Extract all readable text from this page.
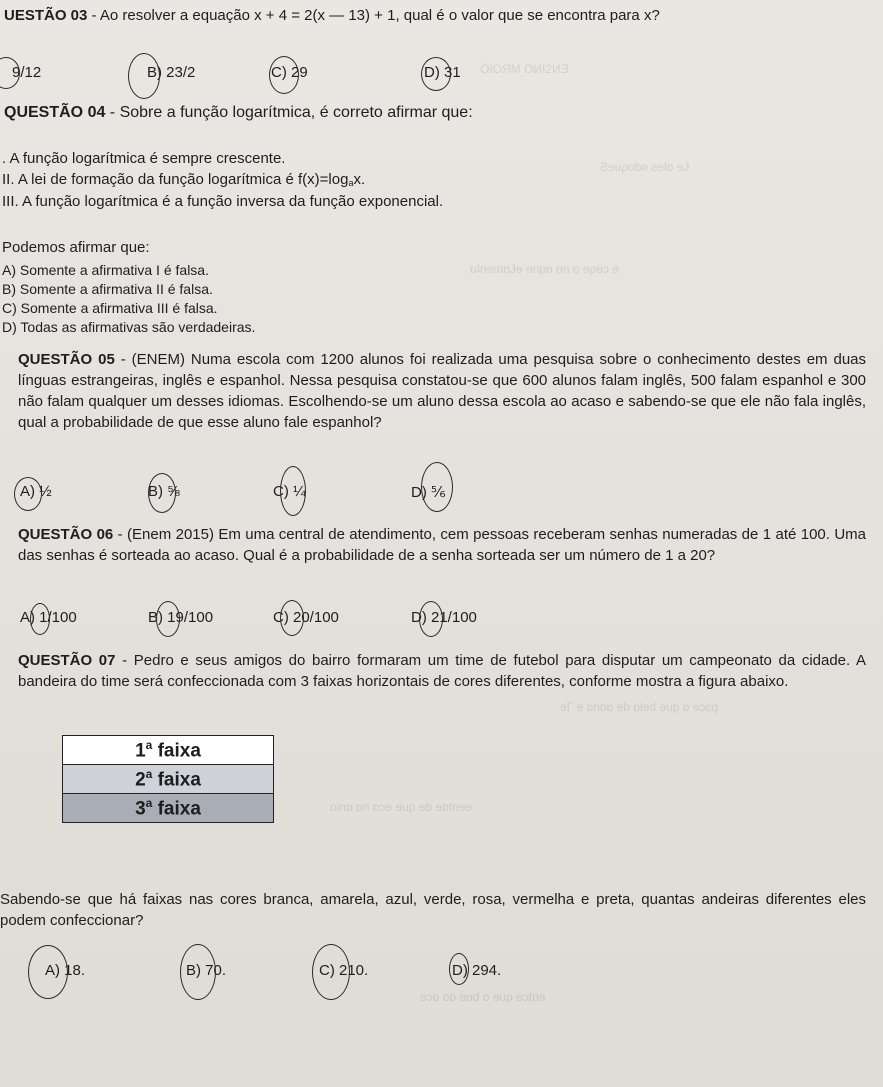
ÓIOЯM OИI2ИƎ
Ƨɘuρobʀ ƨɘlɒ ɘɈ
ɒʇnɘmɒɈɘ ɘnpɒ on ɒ ɘρɘɔ ɘ
ɘΓ ɘ ɒnɒɒ ɘb ɒlɘd ɘup ɒ ɘɔcq
ɒinɒ ɒn ɒɔɘ ɘup ɘb ɘɒtnɘɘ
ɘɔɒ ɒɒ ɘɒd ɒ ɘup ɘɔtɒɘ
UESTÃO 03 - Ao resolver a equação x + 4 = 2(x — 13) + 1, qual é o valor que se encontra para x?
9/12	B) 23/2	C) 29	D) 31
QUESTÃO 04 - Sobre a função logarítmica, é correto afirmar que:
. A função logarítmica é sempre crescente.
II. A lei de formação da função logarítmica é $f(x)=\log_ax$.
III. A função logarítmica é a função inversa da função exponencial.
Podemos afirmar que:
A) Somente a afirmativa I é falsa.
B) Somente a afirmativa II é falsa.
C) Somente a afirmativa III é falsa.
D) Todas as afirmativas são verdadeiras.
QUESTÃO 05 - (ENEM) Numa escola com 1200 alunos foi realizada uma pesquisa sobre o conhecimento destes em duas línguas estrangeiras, inglês e espanhol. Nessa pesquisa constatou-se que 600 alunos falam inglês, 500 falam espanhol e 300 não falam qualquer um desses idiomas. Escolhendo-se um aluno dessa escola ao acaso e sabendo-se que ele não fala inglês, qual a probabilidade de que esse aluno fale espanhol?
A) ½	B) ⅝	C) ¼	D) ⅚
QUESTÃO 06 - (Enem 2015) Em uma central de atendimento, cem pessoas receberam senhas numeradas de 1 até 100. Uma das senhas é sorteada ao acaso. Qual é a probabilidade de a senha sorteada ser um número de 1 a 20?
A) 1/100	B) 19/100	C) 20/100	D) 21/100
QUESTÃO 07 - Pedro e seus amigos do bairro formaram um time de futebol para disputar um campeonato da cidade. A bandeira do time será confeccionada com 3 faixas horizontais de cores diferentes, conforme mostra a figura abaixo.
1$^a$ faixa
2$^a$ faixa
3$^a$ faixa
Sabendo-se que há faixas nas cores branca, amarela, azul, verde, rosa, vermelha e preta, quantas andeiras diferentes eles podem confeccionar?
A) 18.	B) 70.	C) 210.	D) 294.
